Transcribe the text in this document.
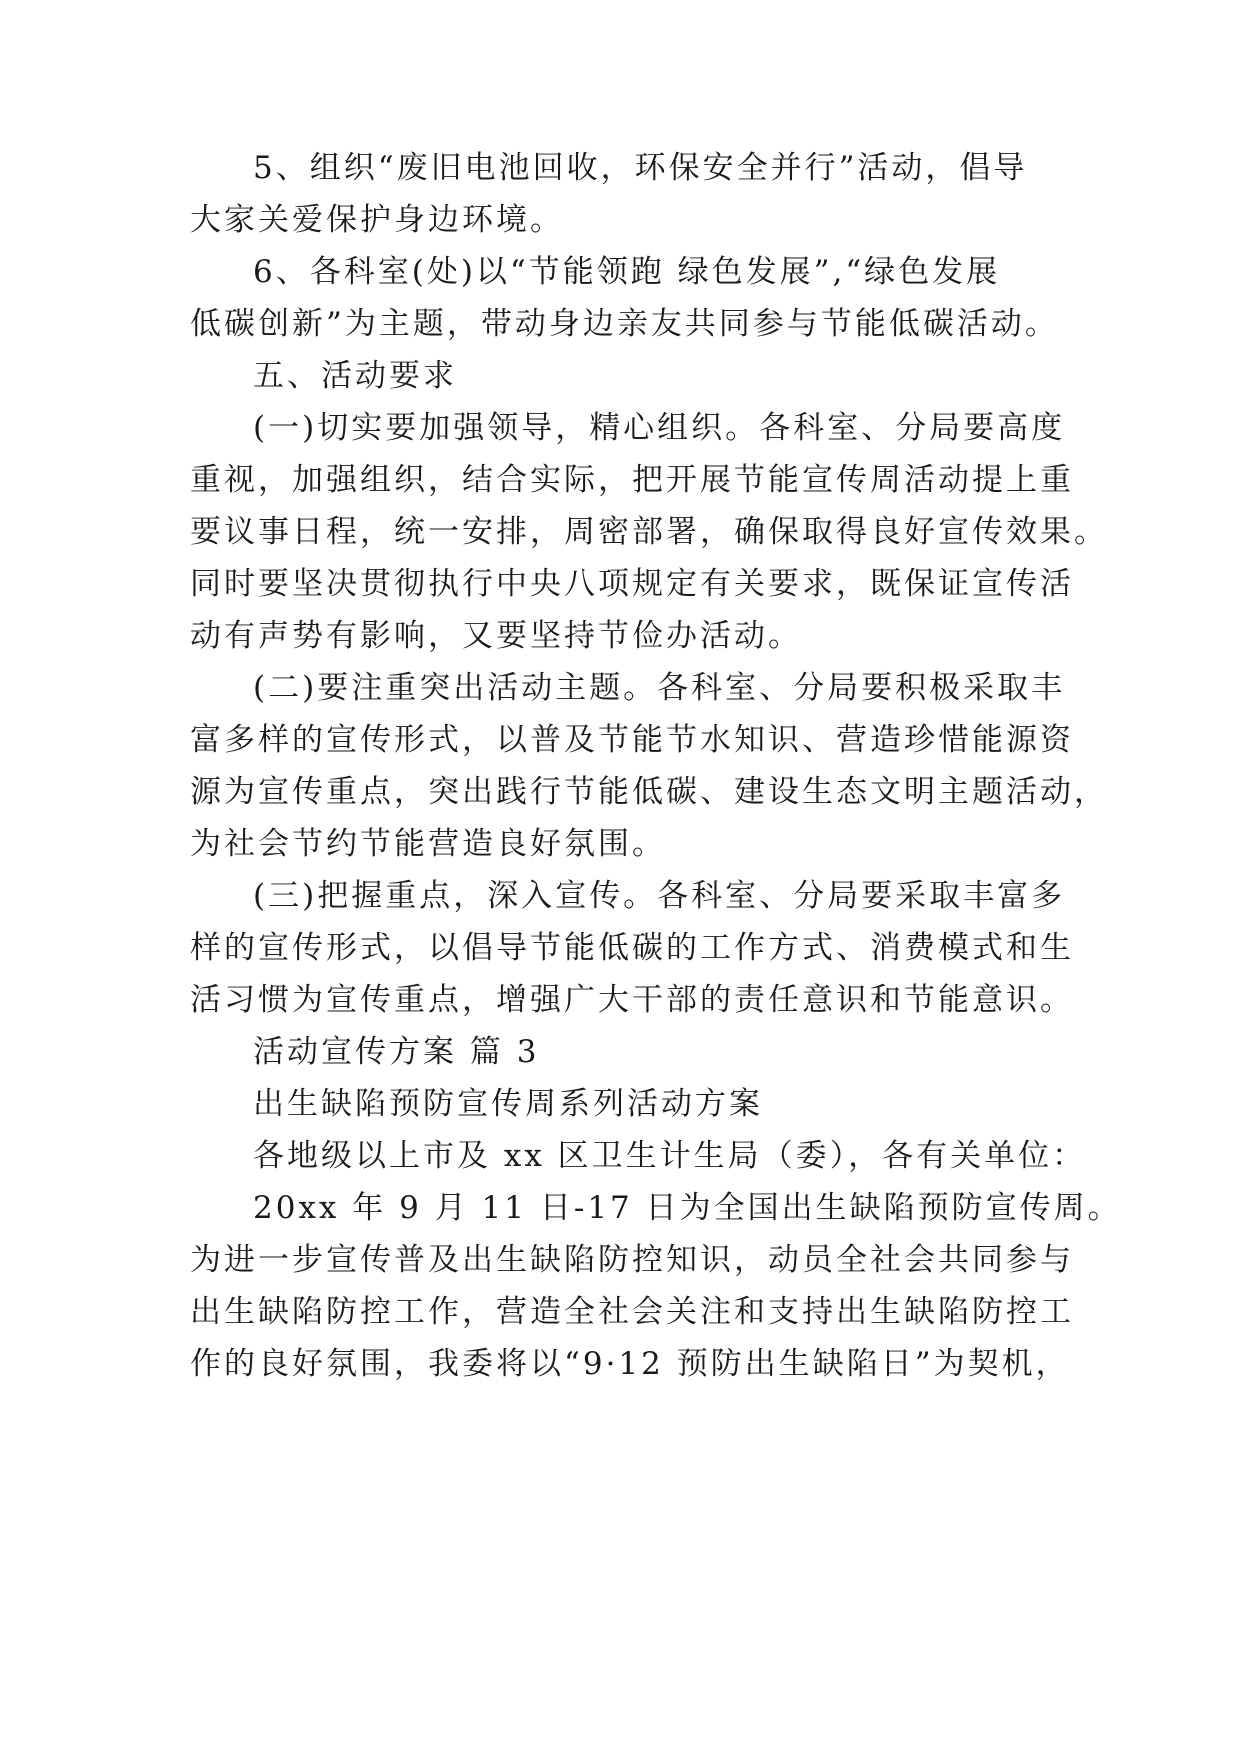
5、组织“废旧电池回收，环保安全并行”活动，倡导
大家关爱保护身边环境。
6、各科室(处)以“节能领跑 绿色发展”,“绿色发展
低碳创新”为主题，带动身边亲友共同参与节能低碳活动。
五、活动要求
(一)切实要加强领导，精心组织。各科室、分局要高度
重视，加强组织，结合实际，把开展节能宣传周活动提上重
要议事日程，统一安排，周密部署，确保取得良好宣传效果。
同时要坚决贯彻执行中央八项规定有关要求，既保证宣传活
动有声势有影响，又要坚持节俭办活动。
(二)要注重突出活动主题。各科室、分局要积极采取丰
富多样的宣传形式，以普及节能节水知识、营造珍惜能源资
源为宣传重点，突出践行节能低碳、建设生态文明主题活动，
为社会节约节能营造良好氛围。
(三)把握重点，深入宣传。各科室、分局要采取丰富多
样的宣传形式，以倡导节能低碳的工作方式、消费模式和生
活习惯为宣传重点，增强广大干部的责任意识和节能意识。
活动宣传方案 篇 3
出生缺陷预防宣传周系列活动方案
各地级以上市及 xx 区卫生计生局（委），各有关单位：
20xx 年 9 月 11 日-17 日为全国出生缺陷预防宣传周。
为进一步宣传普及出生缺陷防控知识，动员全社会共同参与
出生缺陷防控工作，营造全社会关注和支持出生缺陷防控工
作的良好氛围，我委将以“9·12 预防出生缺陷日”为契机，
